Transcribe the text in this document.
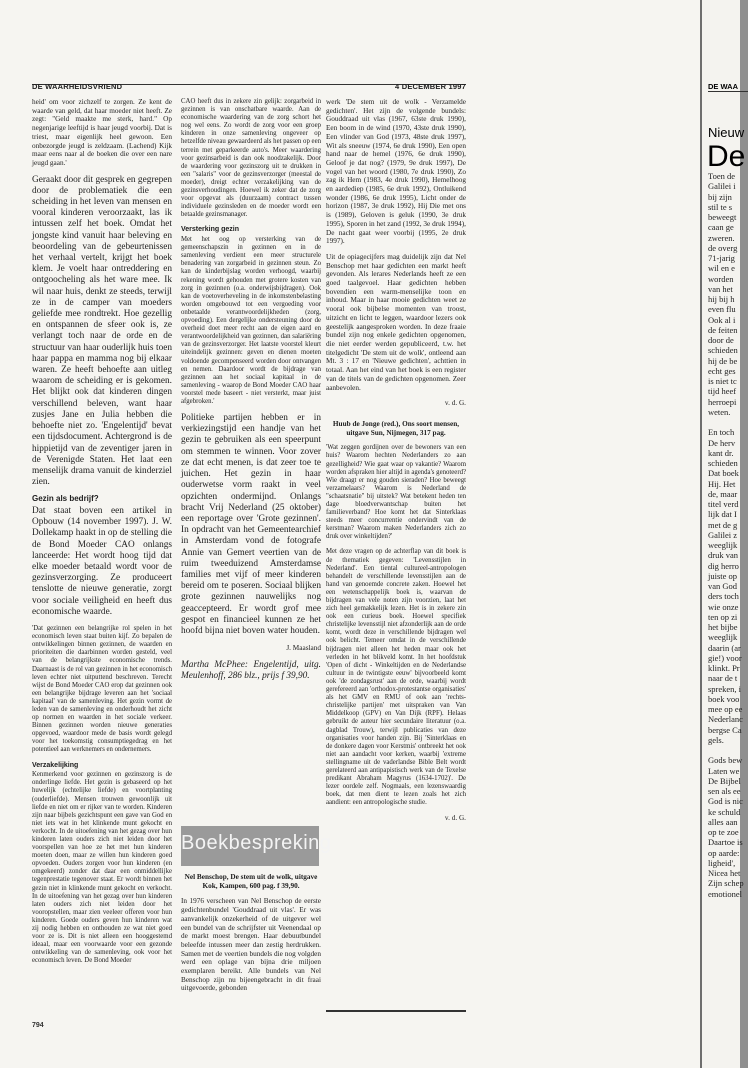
DE WAARHEIDSVRIEND	4 DECEMBER 1997

heid' om voor zichzelf te zorgen. Ze kent de waarde van geld, dat haar moeder niet heeft. Ze zegt: "Geld maakte me sterk, hard." Op negenjarige leeftijd is haar jeugd voorbij. Dat is triest, maar eigenlijk heel gewoon. Een onbezorgde jeugd is zeldzaam. (Lachend) Kijk maar eens naar al de boeken die over een nare jeugd gaan.'

Geraakt door dit gesprek en gegrepen door de problematiek die een scheiding in het leven van mensen en vooral kinderen veroorzaakt, las ik intussen zelf het boek. Omdat het jongste kind vanuit haar beleving en beoordeling van de gebeurtenissen het verhaal vertelt, krijgt het boek klem. Je voelt haar ontreddering en ontgoocheling als het ware mee. Ik wil naar huis, denkt ze steeds, terwijl ze in de camper van moeders geliefde mee rondtrekt. Hoe gezellig en ontspannen de sfeer ook is, ze verlangt toch naar de orde en de structuur van haar ouderlijk huis toen haar pappa en mamma nog bij elkaar waren. Ze heeft behoefte aan uitleg waarom de scheiding er is gekomen. Het blijkt ook dat kinderen dingen verschillend beleven, want haar zusjes Jane en Julia hebben die behoefte niet zo. 'Engelentijd' bevat een tijdsdocument. Achtergrond is de hippietijd van de zeventiger jaren in de Verenigde Staten. Het laat een menselijk drama vanuit de kinderziel zien.

Gezin als bedrijf?

Dat staat boven een artikel in Opbouw (14 november 1997). J. W. Dollekamp haakt in op de stelling die de Bond Moeder CAO onlangs lanceerde: Het wordt hoog tijd dat elke moeder betaald wordt voor de gezinsverzorging. Ze produceert tenslotte de nieuwe generatie, zorgt voor sociale veiligheid en heeft dus economische waarde.

'Dat gezinnen een belangrijke rol spelen in het economisch leven staat buiten kijf. Zo bepalen de ontwikkelingen binnen gezinnen, de waarden en prioriteiten die daarbinnen worden gesteld, veel van de belangrijkste economische trends. Daarnaast is de rol van gezinnen in het economisch leven echter niet uitputtend beschreven. Terecht wijst de Bond Moeder CAO erop dat gezinnen ook een belangrijke bijdrage leveren aan het 'sociaal kapitaal' van de samenleving. Het gezin vormt de leden van de samenleving en onderhoudt het zicht op normen en waarden in het sociale verkeer. Binnen gezinnen worden nieuwe generaties opgevoed, waardoor mede de basis wordt gelegd voor het toekomstig consumptiegedrag en het potentieel aan werknemers en ondernemers.

Verzakelijking

Kenmerkend voor gezinnen en gezinszorg is de onderlinge liefde. Het gezin is gebaseerd op het huwelijk (echtelijke liefde) en voortplanting (ouderliefde). Mensen trouwen gewoonlijk uit liefde en niet om er rijker van te worden. Kinderen zijn naar bijbels gezichtspunt een gave van God en niet iets wat in het klinkende munt gekocht en verkocht. In de uitoefening van het gezag over hun kinderen laten ouders zich niet leiden door het voorspellen van hoe ze het met hun kinderen moeten doen, maar ze willen hun kinderen goed opvoeden. Ouders zorgen voor hun kinderen (en omgekeerd) zonder dat daar een onmiddellijke tegenprestatie tegenover staat. Er wordt binnen het gezin niet in klinkende munt gekocht en verkocht. In de uitoefening van het gezag over hun kinderen laten ouders zich niet leiden door het vooropstellen, maar zien veeleer offeren voor hun kinderen. Goede ouders geven hun kinderen wat zij nodig hebben en onthouden ze wat niet goed voor ze is. Dit is niet alleen een hooggestemd ideaal, maar een voorwaarde voor een gezonde ontwikkeling van de samenleving, ook voor het economisch leven. De Bond Moeder

CAO heeft dus in zekere zin gelijk: zorgarbeid in gezinnen is van onschatbare waarde. Aan de economische waardering van de zorg schort het nog wel eens. Zo wordt de zorg voor een groep kinderen in onze samenleving ongeveer op hetzelfde niveau gewaardeerd als het passen op een terrein met geparkeerde auto's. Meer waardering voor gezinsarbeid is dan ook noodzakelijk. Door de waardering voor gezinszorg uit te drukken in een "salaris" voor de gezinsverzorger (meestal de moeder), dreigt echter verzakelijking van de gezinsverhoudingen. Hoewel ik zeker dat de zorg voor opgevat als (duurzaam) contract tussen individuele gezinsleden en de moeder wordt een betaalde gezinsmanager.

Versterking gezin

Met het oog op versterking van de gemeenschapszin in gezinnen en in de samenleving verdient een meer structurele benadering van zorgarbeid in gezinnen steun. Zo kan de kinderbijslag worden verhoogd, waarbij rekening wordt gehouden met grotere kosten van zorg in gezinnen (o.a. onderwijsbijdragen). Ook kan de voetoverheveling in de inkomstenbelasting worden omgebouwd tot een vergoeding voor onbetaalde verantwoordelijkheden (zorg, opvoeding). Een dergelijke ondersteuning door de overheid doet meer recht aan de eigen aard en verantwoordelijkheid van gezinnen, dan salariëring van de gezinsverzorger. Het laatste voorstel kleurt uiteindelijk gezinnen: geven en dienen moeten voldoende gecompenseerd worden door ontvangen en nemen. Daardoor wordt de bijdrage van gezinnen aan het sociaal kapitaal in de samenleving - waarop de Bond Moeder CAO haar voorstel mede baseert - niet versterkt, maar juist afgebroken.'

Politieke partijen hebben er in verkiezingstijd een handje van het gezin te gebruiken als een speerpunt om stemmen te winnen. Voor zover ze dat echt menen, is dat zeer toe te juichen. Het gezin in haar ouderwetse vorm raakt in veel opzichten ondermijnd. Onlangs bracht Vrij Nederland (25 oktober) een reportage over 'Grote gezinnen'. In opdracht van het Gemeentearchief in Amsterdam vond de fotografe Annie van Gemert veertien van de ruim tweeduizend Amsterdamse families met vijf of meer kinderen bereid om te poseren. Sociaal blijken grote gezinnen nauwelijks nog geaccepteerd. Er wordt grof mee gespot en financieel kunnen ze het hoofd bijna niet boven water houden.

J. Maasland

Martha McPhee: Engelentijd, uitg. Meulenhoff, 286 blz., prijs f 39,90.

Boekbespreking

Nel Benschop, De stem uit de wolk, uitgave Kok, Kampen, 600 pag. f 39,90.

In 1976 verscheen van Nel Benschop de eerste gedichtenbundel 'Gouddraad uit vlas'. Er was aanvankelijk onzekerheid of de uitgever wel een bundel van de schrijfster uit Veenendaal op de markt moest brengen. Haar debuutbundel beleefde intussen meer dan zestig herdrukken. Samen met de veertien bundels die nog volgden werd een oplage van bijna drie miljoen exemplaren bereikt. Alle bundels van Nel Benschop zijn nu bijeengebracht in dit fraai uitgevoerde, gebonden

werk 'De stem uit de wolk - Verzamelde gedichten'. Het zijn de volgende bundels: Gouddraad uit vlas (1967, 63ste druk 1990), Een boom in de wind (1970, 43ste druk 1990), Een vlinder van God (1973, 48ste druk 1997), Wit als sneeuw (1974, 6e druk 1990), Een open hand naar de hemel (1976, 6e druk 1990), Geloof je dat nog? (1979, 9e druk 1997), De vogel van het woord (1980, 7e druk 1990), Zo zag ik Hem (1983, 4e druk 1990), Hemelhoog en aardediep (1985, 6e druk 1992), Ontluikend wonder (1986, 6e druk 1995), Licht onder de horizon (1987, 3e druk 1992), Hij Die met ons is (1989), Geloven is geluk (1990, 3e druk 1995), Sporen in het zand (1992, 3e druk 1994), De nacht gaat weer voorbij (1995, 2e druk 1997).

Uit de opiagecijfers mag duidelijk zijn dat Nel Benschop met haar gedichten een markt heeft gevonden. Als lerares Nederlands heeft ze een goed taalgevoel. Haar gedichten hebben bovendien een warm-menselijke toon en inhoud. Maar in haar mooie gedichten weet ze vooral ook bijbelse momenten van troost, uitzicht en licht te leggen, waardoor lezers ook geestelijk aangesproken worden. In deze fraaie bundel zijn nog enkele gedichten opgenomen, die niet eerder werden gepubliceerd, t.w. het titelgedicht 'De stem uit de wolk', ontleend aan Mt. 3 : 17 en 'Nieuwe gedichten', achttien in totaal. Aan het eind van het boek is een register van de titels van de gedichten opgenomen. Zeer aanbevolen.

v. d. G.

Huub de Jonge (red.), Ons soort mensen, uitgave Sun, Nijmegen, 317 pag.

'Wat zeggen gordijnen over de bewoners van een huis? Waarom hechten Nederlanders zo aan gezelligheid? Wie gaat waar op vakantie? Waarom worden afspraken hier altijd in agenda's genoteerd? Wie draagt er nog gouden sieraden? Hoe beweegt verzamelaars? Waarom is Nederland de "schaatsnatie" bij uitstek? Wat betekent heden ten dage bloedverwantschap buiten het familieverband? Hoe komt het dat Sinterklaas steeds meer concurrentie ondervindt van de kerstman? Waarom maken Nederlanders zich zo druk over winkeltijden?'

Met deze vragen op de achterflap van dit boek is de thematiek gegeven: 'Levensstijlen in Nederland'. Een tiental cultureel-antropologen behandelt de verschillende levensstijlen aan de hand van genoemde concrete zaken. Hoewel het een wetenschappelijk boek is, waarvan de bijdragen van vele noten zijn voorzien, laat het zich heel gemakkelijk lezen. Het is in zekere zin ook een curieus boek. Hoewel specifiek christelijke levensstijl niet afzonderlijk aan de orde komt, wordt deze in verschillende bijdragen wel ook belicht. Temeer omdat in de verschillende bijdragen niet alleen het heden maar ook het verleden in het blikveld komt. In het hoofdstuk 'Open of dicht - Winkeltijden en de Nederlandse cultuur in de twintigste eeuw' bijvoorbeeld komt ook 'de zondagsrust' aan de orde, waarbij wordt gerefereerd aan 'orthodox-protestantse organisaties' als het GMV en RMU of ook aan 'rechts-christelijke partijen' met uitspraken van Van Middelkoop (GPV) en Van Dijk (RPF). Helaas gebruikt de auteur hier secundaire literatuur (o.a. dagblad Trouw), terwijl publicaties van deze organisaties voor handen zijn. Bij 'Sinterklaas en de donkere dagen voor Kerstmis' ontbreekt het ook niet aan aandacht voor kerken, waarbij 'extreme stellingname uit de vaderlandse Bible Belt wordt gerelateerd aan antipapistisch werk van de Texelse predikant Abraham Magyrus (1634-1702)'. De lezer oordele zelf. Nogmaals, een lezenswaardig boek, dat men dient te lezen zoals het zich aandient: een antropologische studie.

v. d. G.

794
DE WAA
Nieuw
De
Toen de
Galilei i
bij zijn
stil te s
beweegt
caan ge
zweren.
de overg
71-jarig
wil en e
worden
van het
hij bij h
even flu
Ook al i
de feiten
door de
schieden
hij de be
echt ges
is niet tc
tijd heef
herroepi
weten.

En toch
De herv
kant dr.
schieden
Dat boek
Hij. Het
de, maar
titel verd
lijk dat I
met de g
Galilei z
weeglijk
druk van
dig herro
juiste op
van God
ders toch
wie onze
ten op zi
het bijbe
weeglijk
daarin (ar
gie!) voor
klinkt. Pr
naar de t
spreken, i
boek voo
mee op ee
Nederlanc
bergse Ca
gels.

Gods bew
Laten we
De Bijbel
sen als ee
God is nic
ke schuld
alles aan
op te zoe
Daartoe is
op aarde:
ligheid',
Nicea het
Zijn schep
emotionel
